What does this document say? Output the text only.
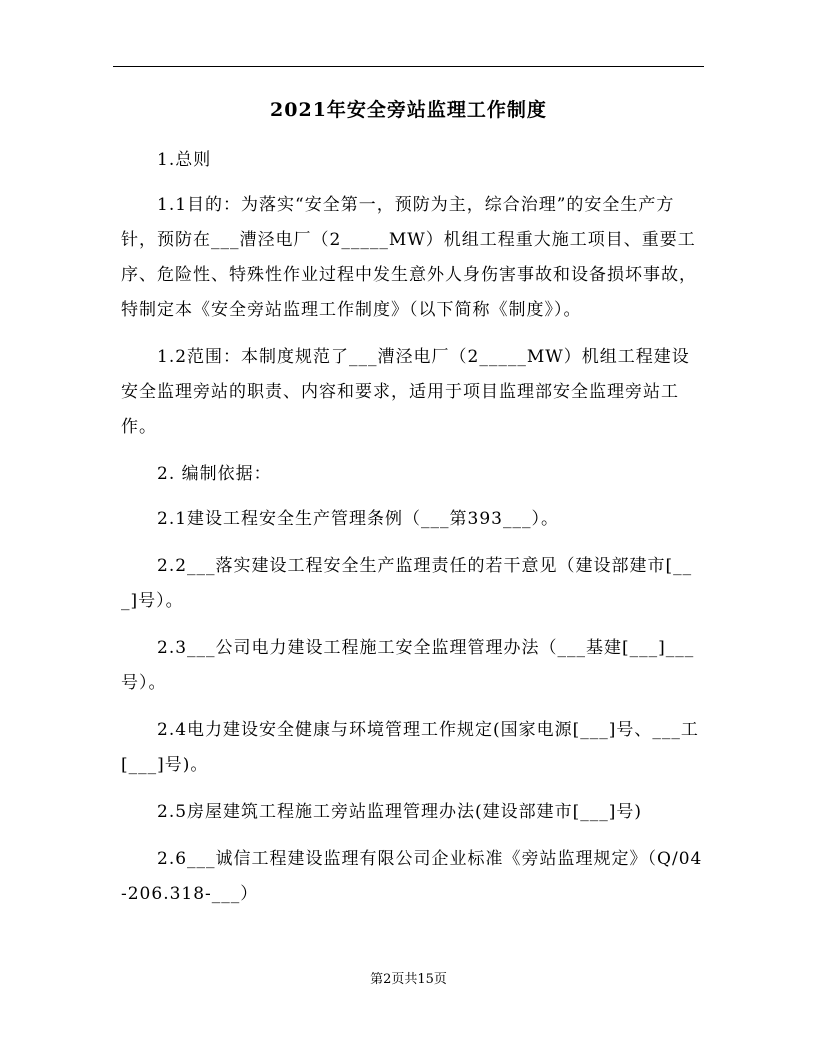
2021年安全旁站监理工作制度

1.总则

1.1目的：为落实“安全第一，预防为主，综合治理”的安全生产方针，预防在___漕泾电厂（2_____MW）机组工程重大施工项目、重要工序、危险性、特殊性作业过程中发生意外人身伤害事故和设备损坏事故，特制定本《安全旁站监理工作制度》（以下简称《制度》）。

1.2范围：本制度规范了___漕泾电厂（2_____MW）机组工程建设安全监理旁站的职责、内容和要求，适用于项目监理部安全监理旁站工作。

2. 编制依据：

2.1建设工程安全生产管理条例（___第393___）。

2.2___落实建设工程安全生产监理责任的若干意见（建设部建市[___]号）。

2.3___公司电力建设工程施工安全监理管理办法（___基建[___]___号）。

2.4电力建设安全健康与环境管理工作规定(国家电源[___]号、___工[___]号)。

2.5房屋建筑工程施工旁站监理管理办法(建设部建市[___]号)

2.6___诚信工程建设监理有限公司企业标准《旁站监理规定》（Q/04-206.318-___）

第2页共15页
